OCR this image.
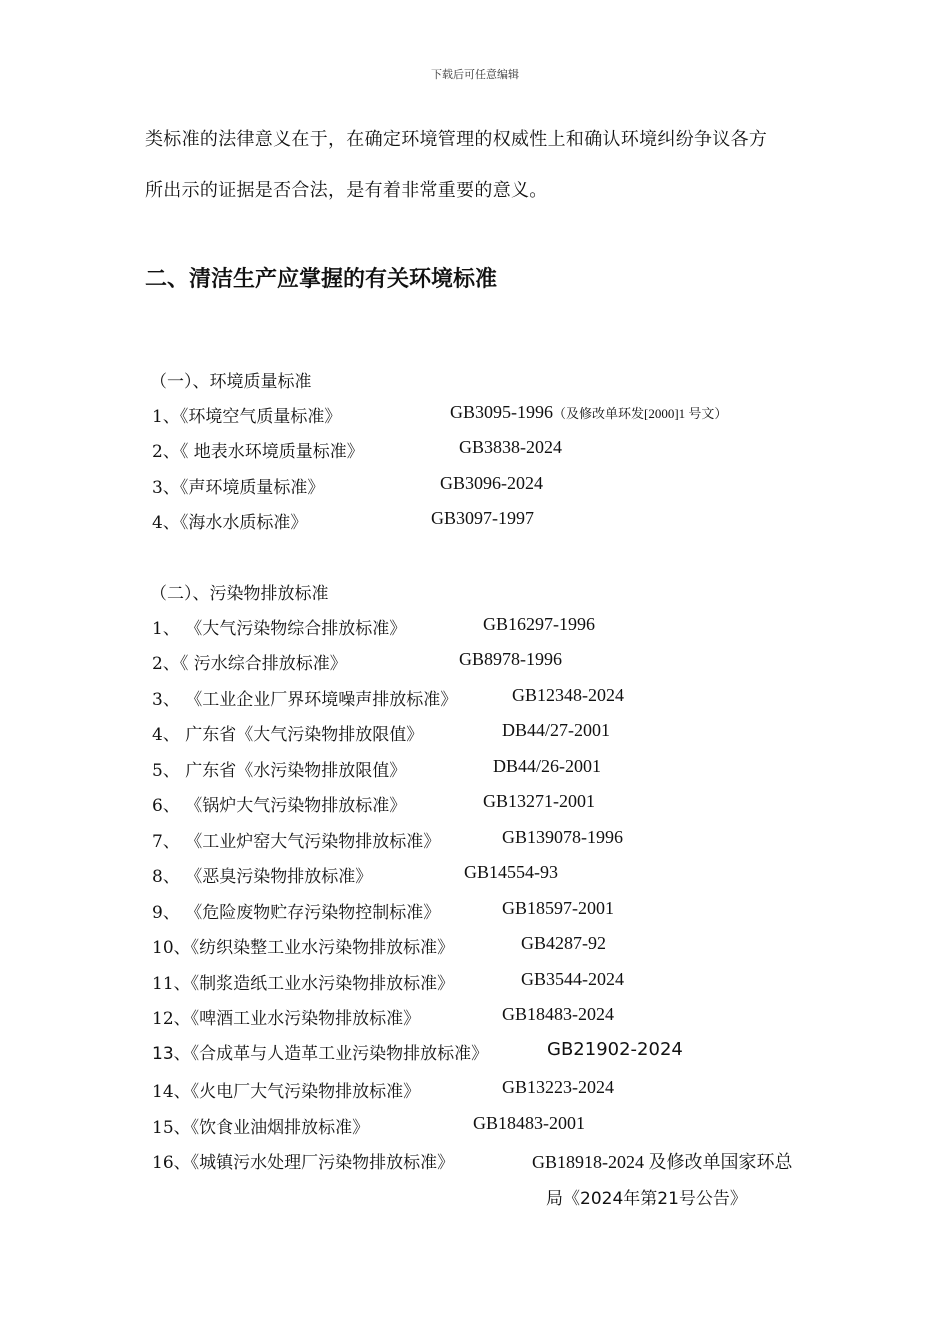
下载后可任意编辑
类标准的法律意义在于，在确定环境管理的权威性上和确认环境纠纷争议各方
所出示的证据是否合法，是有着非常重要的意义。
二、清洁生产应掌握的有关环境标准
（一）、环境质量标准
1、《环境空气质量标准》	GB3095-1996（及修改单环发[2000]1 号文）
2、《 地表水环境质量标准》	GB3838-2024
3、《声环境质量标准》	GB3096-2024
4、《海水水质标准》	GB3097-1997
（二）、污染物排放标准
1、 《大气污染物综合排放标准》	GB16297-1996
2、《 污水综合排放标准》	GB8978-1996
3、 《工业企业厂界环境噪声排放标准》	GB12348-2024
4、 广东省《大气污染物排放限值》	DB44/27-2001
5、 广东省《水污染物排放限值》	DB44/26-2001
6、 《锅炉大气污染物排放标准》	GB13271-2001
7、 《工业炉窑大气污染物排放标准》	GB139078-1996
8、 《恶臭污染物排放标准》	GB14554-93
9、 《危险废物贮存污染物控制标准》	GB18597-2001
10、《纺织染整工业水污染物排放标准》	GB4287-92
11、《制浆造纸工业水污染物排放标准》	GB3544-2024
12、《啤酒工业水污染物排放标准》	GB18483-2024
13、《合成革与人造革工业污染物排放标准》	GB21902-2024
14、《火电厂大气污染物排放标准》	GB13223-2024
15、《饮食业油烟排放标准》	GB18483-2001
16、《城镇污水处理厂污染物排放标准》	GB18918-2024 及修改单国家环总
局《2024年第21号公告》
